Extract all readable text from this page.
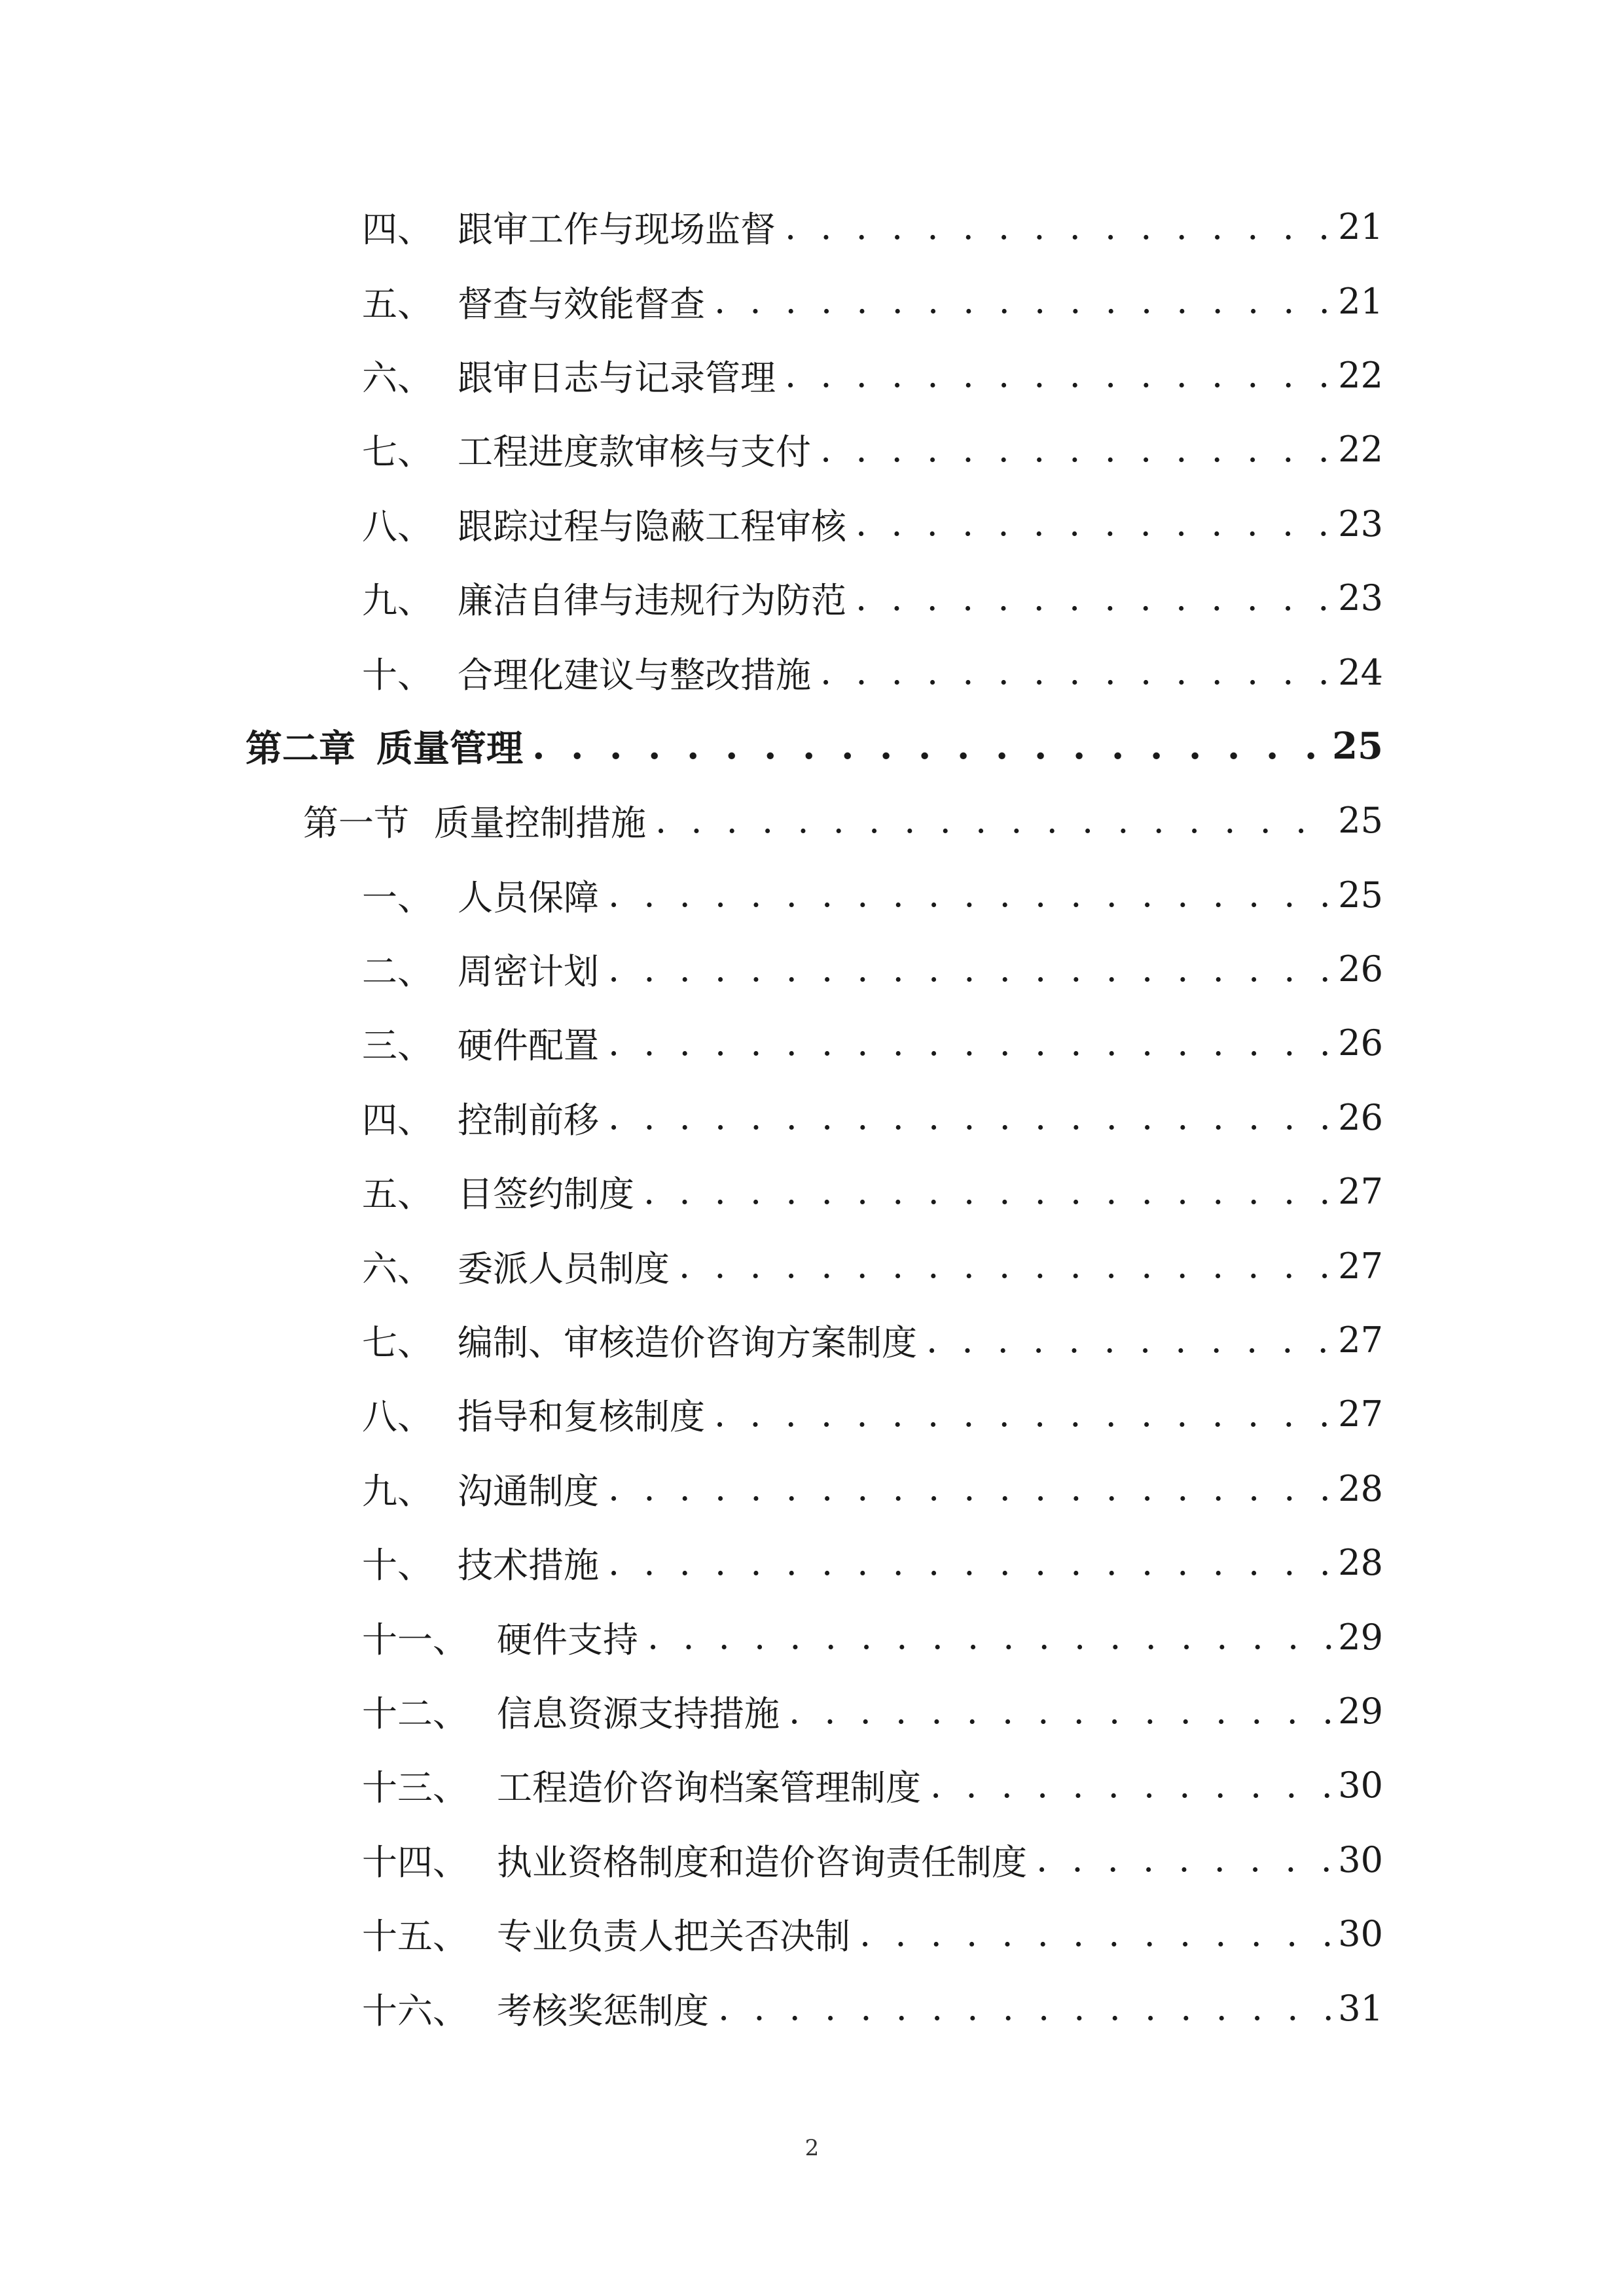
四、 跟审工作与现场监督 . . .	21
五、 督查与效能督查 . . .	21
六、 跟审日志与记录管理 . . .	22
七、 工程进度款审核与支付 . . .	22
八、 跟踪过程与隐蔽工程审核 . . .	23
九、 廉洁自律与违规行为防范 . . .	23
十、 合理化建议与整改措施 . . .	24
第二章 质量管理 . . .	25
第一节 质量控制措施 . . .	25
一、 人员保障 . . .	25
二、 周密计划 . . .	26
三、 硬件配置 . . .	26
四、 控制前移 . . .	26
五、 目签约制度 . . .	27
六、 委派人员制度 . . .	27
七、 编制、审核造价咨询方案制度 . . .	27
八、 指导和复核制度 . . .	27
九、 沟通制度 . . .	28
十、 技术措施 . . .	28
十一、 硬件支持 . . .	29
十二、 信息资源支持措施 . . .	29
十三、 工程造价咨询档案管理制度 . . .	30
十四、 执业资格制度和造价咨询责任制度 . . .	30
十五、 专业负责人把关否决制 . . .	30
十六、 考核奖惩制度 . . .	31
2
